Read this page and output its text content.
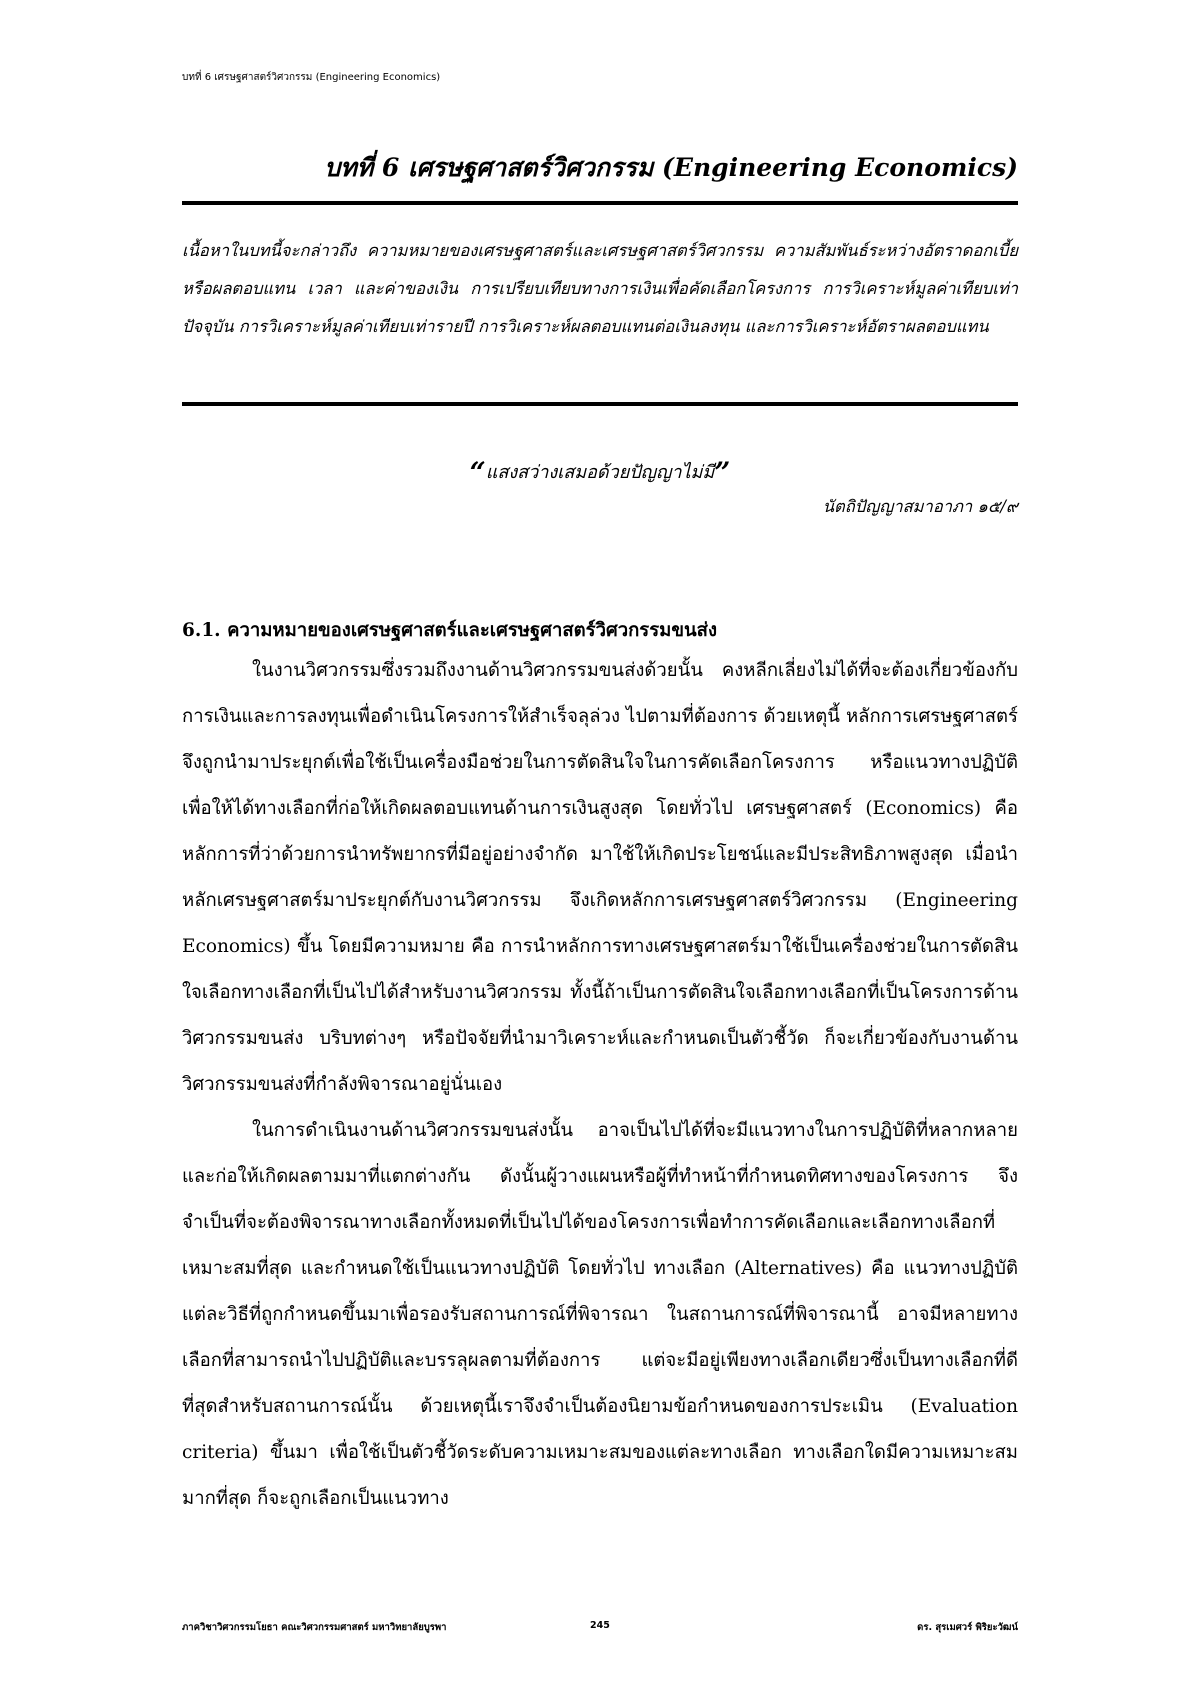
บทที่ 6 เศรษฐศาสตร์วิศวกรรม (Engineering Economics)
บทที่ 6 เศรษฐศาสตร์วิศวกรรม (Engineering Economics)
เนื้อหาในบทนี้จะกล่าวถึง ความหมายของเศรษฐศาสตร์และเศรษฐศาสตร์วิศวกรรม ความสัมพันธ์ระหว่างอัตราดอกเบี้ยหรือผลตอบแทน เวลา และค่าของเงิน การเปรียบเทียบทางการเงินเพื่อคัดเลือกโครงการ การวิเคราะห์มูลค่าเทียบเท่าปัจจุบัน การวิเคราะห์มูลค่าเทียบเท่ารายปี การวิเคราะห์ผลตอบแทนต่อเงินลงทุน และการวิเคราะห์อัตราผลตอบแทน
“แสงสว่างเสมอด้วยปัญญาไม่มี”
นัตถิปัญญาสมาอาภา ๑๕/๙
6.1. ความหมายของเศรษฐศาสตร์และเศรษฐศาสตร์วิศวกรรมขนส่ง

ในงานวิศวกรรมซึ่งรวมถึงงานด้านวิศวกรรมขนส่งด้วยนั้น คงหลีกเลี่ยงไม่ได้ที่จะต้องเกี่ยวข้องกับการเงินและการลงทุนเพื่อดำเนินโครงการให้สำเร็จลุล่วง ไปตามที่ต้องการ ด้วยเหตุนี้ หลักการเศรษฐศาสตร์จึงถูกนำมาประยุกต์เพื่อใช้เป็นเครื่องมือช่วยในการตัดสินใจในการคัดเลือกโครงการ หรือแนวทางปฏิบัติเพื่อให้ได้ทางเลือกที่ก่อให้เกิดผลตอบแทนด้านการเงินสูงสุด โดยทั่วไป เศรษฐศาสตร์ (Economics) คือ หลักการที่ว่าด้วยการนำทรัพยากรที่มีอยู่อย่างจำกัด มาใช้ให้เกิดประโยชน์และมีประสิทธิภาพสูงสุด เมื่อนำหลักเศรษฐศาสตร์มาประยุกต์กับงานวิศวกรรม จึงเกิดหลักการเศรษฐศาสตร์วิศวกรรม (Engineering Economics) ขึ้น โดยมีความหมาย คือ การนำหลักการทางเศรษฐศาสตร์มาใช้เป็นเครื่องช่วยในการตัดสินใจเลือกทางเลือกที่เป็นไปได้สำหรับงานวิศวกรรม ทั้งนี้ถ้าเป็นการตัดสินใจเลือกทางเลือกที่เป็นโครงการด้านวิศวกรรมขนส่ง บริบทต่างๆ หรือปัจจัยที่นำมาวิเคราะห์และกำหนดเป็นตัวชี้วัด ก็จะเกี่ยวข้องกับงานด้านวิศวกรรมขนส่งที่กำลังพิจารณาอยู่นั่นเอง

ในการดำเนินงานด้านวิศวกรรมขนส่งนั้น อาจเป็นไปได้ที่จะมีแนวทางในการปฏิบัติที่หลากหลายและก่อให้เกิดผลตามมาที่แตกต่างกัน ดังนั้นผู้วางแผนหรือผู้ที่ทำหน้าที่กำหนดทิศทางของโครงการ จึงจำเป็นที่จะต้องพิจารณาทางเลือกทั้งหมดที่เป็นไปได้ของโครงการเพื่อทำการคัดเลือกและเลือกทางเลือกที่เหมาะสมที่สุด และกำหนดใช้เป็นแนวทางปฏิบัติ โดยทั่วไป ทางเลือก (Alternatives) คือ แนวทางปฏิบัติแต่ละวิธีที่ถูกกำหนดขึ้นมาเพื่อรองรับสถานการณ์ที่พิจารณา ในสถานการณ์ที่พิจารณานี้ อาจมีหลายทางเลือกที่สามารถนำไปปฏิบัติและบรรลุผลตามที่ต้องการ แต่จะมีอยู่เพียงทางเลือกเดียวซึ่งเป็นทางเลือกที่ดีที่สุดสำหรับสถานการณ์นั้น ด้วยเหตุนี้เราจึงจำเป็นต้องนิยามข้อกำหนดของการประเมิน (Evaluation criteria) ขึ้นมา เพื่อใช้เป็นตัวชี้วัดระดับความเหมาะสมของแต่ละทางเลือก ทางเลือกใดมีความเหมาะสมมากที่สุด ก็จะถูกเลือกเป็นแนวทาง

ภาควิชาวิศวกรรมโยธา คณะวิศวกรรมศาสตร์ มหาวิทยาลัยบูรพา	245	ดร. สุรเมศวร์ พิริยะวัฒน์
